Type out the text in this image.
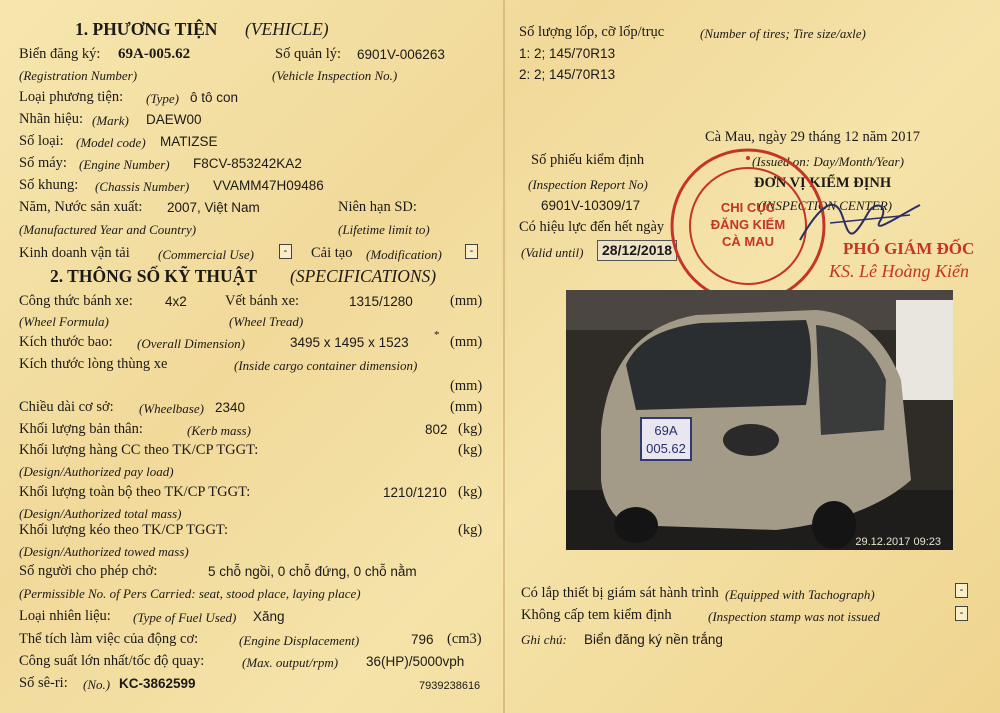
1. PHƯƠNG TIỆN (VEHICLE)
Biển đăng ký: 69A-005.62	Số quản lý: 6901V-006263
(Registration Number)	(Vehicle Inspection No.)
Loại phương tiện: (Type) ô tô con
Nhãn hiệu: (Mark) DAEW00
Số loại: (Model code) MATIZSE
Số máy: (Engine Number) F8CV-853242KA2
Số khung: (Chassis Number) VVAMM47H09486
Năm, Nước sản xuất: 2007, Việt Nam	Niên hạn SD:
(Manufactured Year and Country)	(Lifetime limit to)
Kinh doanh vận tải (Commercial Use)	-	Cải tạo (Modification)	-
2. THÔNG SỐ KỸ THUẬT (SPECIFICATIONS)
Công thức bánh xe: 4x2	Vết bánh xe:	1315/1280	(mm)
(Wheel Formula)	(Wheel Tread)
Kích thước bao: (Overall Dimension)	3495 x 1495 x 1523 * (mm)
Kích thước lòng thùng xe	(Inside cargo container dimension)
(mm)
Chiều dài cơ sở: (Wheelbase) 2340	(mm)
Khối lượng bản thân:	(Kerb mass)	802 (kg)
Khối lượng hàng CC theo TK/CP TGGT:	(kg)
(Design/Authorized pay load)
Khối lượng toàn bộ theo TK/CP TGGT:	1210/1210 (kg)
(Design/Authorized total mass)
Khối lượng kéo theo TK/CP TGGT:	(kg)
(Design/Authorized towed mass)
Số người cho phép chở:	5 chỗ ngồi, 0 chỗ đứng, 0 chỗ nằm
(Permissible No. of Pers Carried: seat, stood place, laying place)
Loại nhiên liệu: (Type of Fuel Used) Xăng
Thể tích làm việc của động cơ:	(Engine Displacement)	796 (cm3)
Công suất lớn nhất/tốc độ quay:	(Max. output/rpm) 36(HP)/5000vph
Số sê-ri: (No.) KC-3862599	7939238616
Số lượng lốp, cỡ lốp/trục	(Number of tires; Tire size/axle)
1: 2; 145/70R13
2: 2; 145/70R13
Cà Mau, ngày 29 tháng 12 năm 2017
Số phiếu kiểm định	(Issued on: Day/Month/Year)
(Inspection Report No)	ĐƠN VỊ KIỂM ĐỊNH
6901V-10309/17	(INSPECTION CENTER)
Có hiệu lực đến hết ngày
(Valid until)	28/12/2018	PHÓ GIÁM ĐỐC
KS. Lê Hoàng Kiến
CHI CỤC
ĐĂNG KIỂM
CÀ MAU
69A
005.62
29.12.2017 09:23
Có lắp thiết bị giám sát hành trình (Equipped with Tachograph)	-
Không cấp tem kiểm định	(Inspection stamp was not issued	-
Ghi chú: Biển đăng ký nền trắng
